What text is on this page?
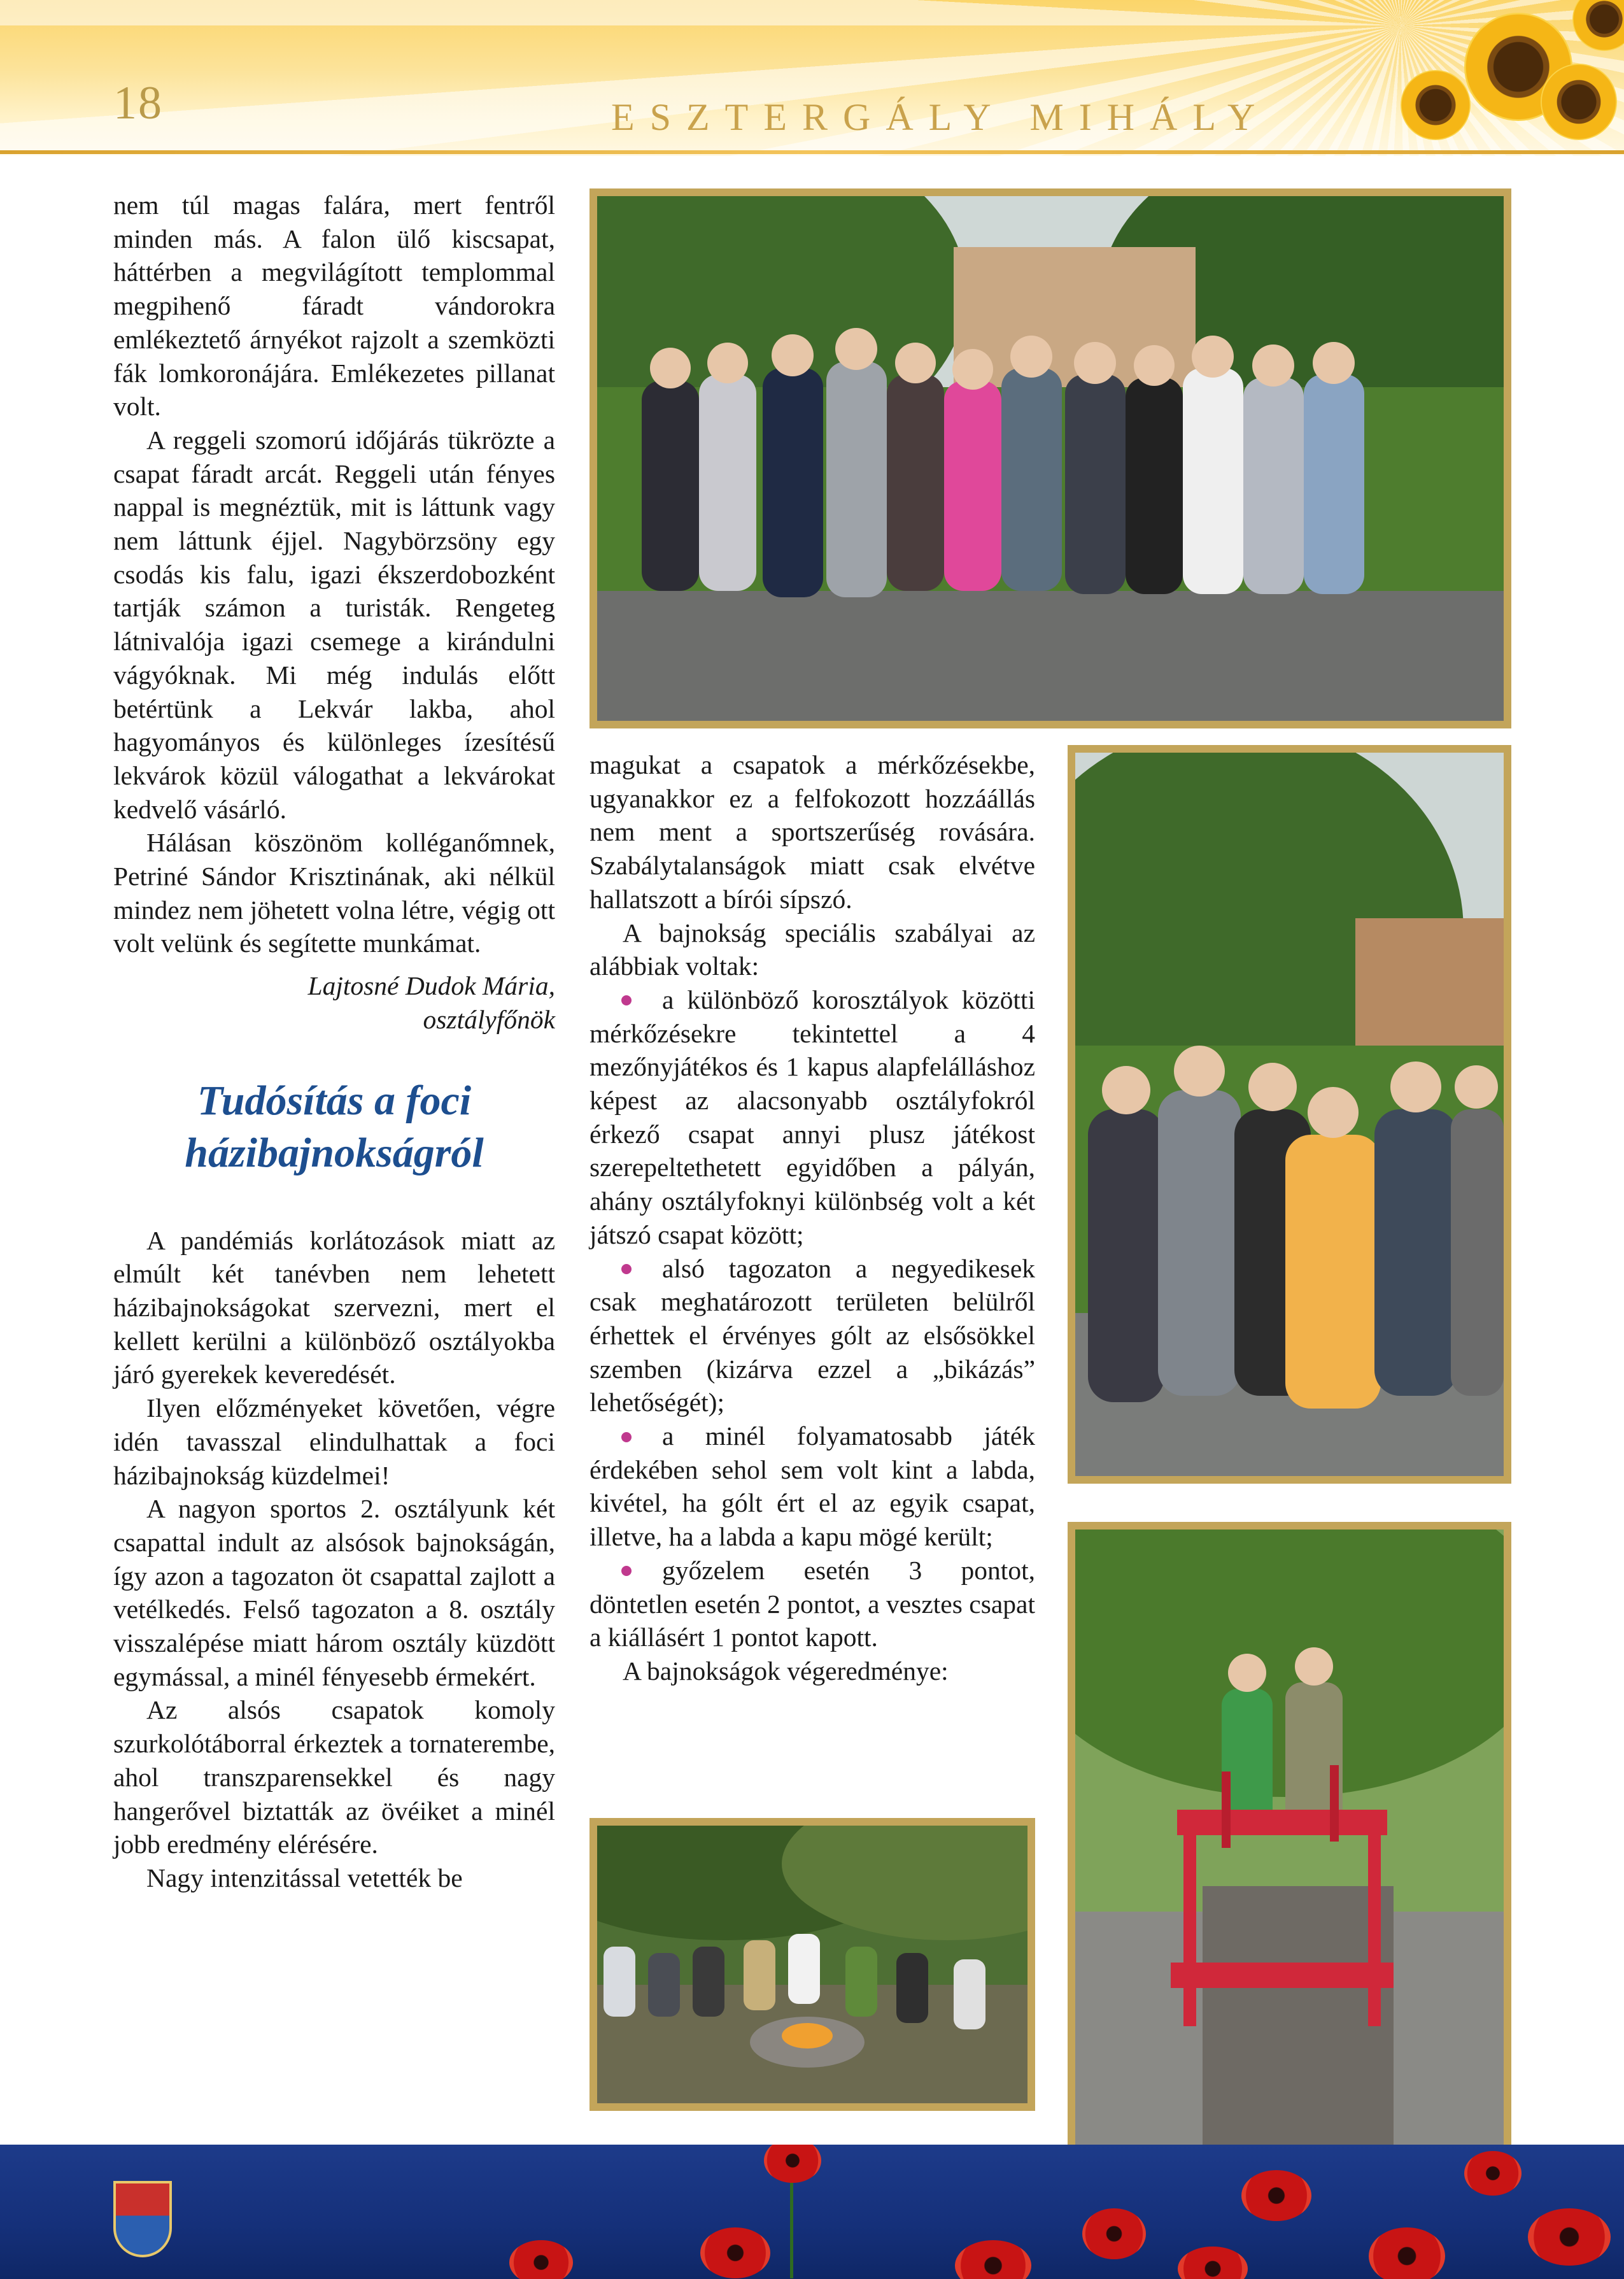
18	ESZTERGÁLY MIHÁLY

nem túl magas falára, mert fentről minden más. A falon ülő kiscsapat, háttérben a megvilágított templommal megpihenő fáradt vándorokra emlékeztető árnyékot rajzolt a szemközti fák lomkoronájára. Emlékezetes pillanat volt.

A reggeli szomorú időjárás tükrözte a csapat fáradt arcát. Reggeli után fényes nappal is megnéztük, mit is láttunk vagy nem láttunk éjjel. Nagybörzsöny egy csodás kis falu, igazi ékszerdobozként tartják számon a turisták. Rengeteg látnivalója igazi csemege a kirándulni vágyóknak. Mi még indulás előtt betértünk a Lekvár lakba, ahol hagyományos és különleges ízesítésű lekvárok közül válogathat a lekvárokat kedvelő vásárló.

Hálásan köszönöm kolléganőmnek, Petriné Sándor Krisztinának, aki nélkül mindez nem jöhetett volna létre, végig ott volt velünk és segítette munkámat.

Lajtosné Dudok Mária,
osztályfőnök
Tudósítás a foci
házibajnokságról

A pandémiás korlátozások miatt az elmúlt két tanévben nem lehetett házibajnokságokat szervezni, mert el kellett kerülni a különböző osztályokba járó gyerekek keveredését.

Ilyen előzményeket követően, végre idén tavasszal elindulhattak a foci házibajnokság küzdelmei!

A nagyon sportos 2. osztályunk két csapattal indult az alsósok bajnokságán, így azon a tagozaton öt csapattal zajlott a vetélkedés. Felső tagozaton a 8. osztály visszalépése miatt három osztály küzdött egymással, a minél fényesebb érmekért.

Az alsós csapatok komoly szurkolótáborral érkeztek a tornaterembe, ahol transzparensekkel és nagy hangerővel biztatták az övéiket a minél jobb eredmény elérésére.

Nagy intenzitással vetették be

magukat a csapatok a mérkőzésekbe, ugyanakkor ez a felfokozott hozzáállás nem ment a sportszerűség rovására. Szabálytalanságok miatt csak elvétve hallatszott a bírói sípszó.

A bajnokság speciális szabályai az alábbiak voltak:

a különböző korosztályok közötti mérkőzésekre tekintettel a 4 mezőnyjátékos és 1 kapus alapfelálláshoz képest az alacsonyabb osztályfokról érkező csapat annyi plusz játékost szerepeltethetett egyidőben a pályán, ahány osztályfoknyi különbség volt a két játszó csapat között;

alsó tagozaton a negyedikesek csak meghatározott területen belülről érhettek el érvényes gólt az elsősökkel szemben (kizárva ezzel a „bikázás” lehetőségét);

a minél folyamatosabb játék érdekében sehol sem volt kint a labda, kivétel, ha gólt ért el az egyik csapat, illetve, ha a labda a kapu mögé került;

győzelem esetén 3 pontot, döntetlen esetén 2 pontot, a vesztes csapat a kiállásért 1 pontot kapott.

A bajnokságok végeredménye:
